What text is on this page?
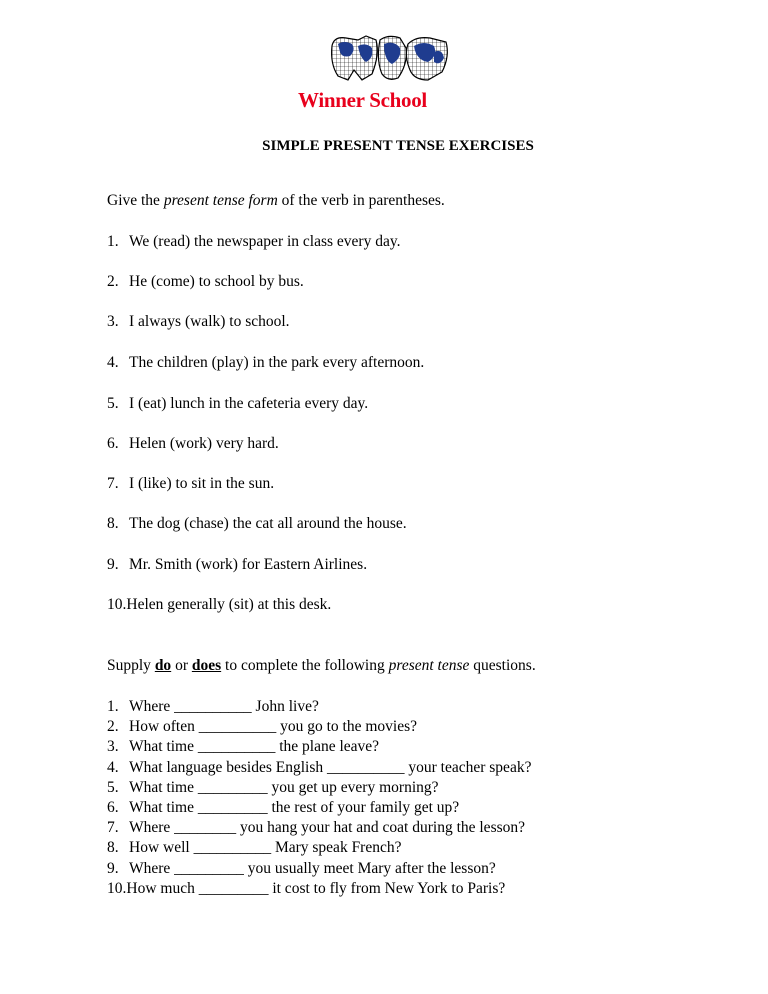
Winner School
SIMPLE PRESENT TENSE EXERCISES
Give the present tense form of the verb in parentheses.
1. We (read) the newspaper in class every day.
2. He (come) to school by bus.
3. I always (walk) to school.
4. The children (play) in the park every afternoon.
5. I (eat) lunch in the cafeteria every day.
6. Helen (work) very hard.
7. I (like) to sit in the sun.
8. The dog (chase) the cat all around the house.
9. Mr. Smith (work) for Eastern Airlines.
10.Helen generally (sit) at this desk.
Supply do or does to complete the following present tense questions.
1. Where __________ John live?
2. How often __________ you go to the movies?
3. What time __________ the plane leave?
4. What language besides English __________ your teacher speak?
5. What time _________ you get up every morning?
6. What time _________ the rest of your family get up?
7. Where ________ you hang your hat and coat during the lesson?
8. How well __________ Mary speak French?
9. Where _________ you usually meet Mary after the lesson?
10.How much _________ it cost to fly from New York to Paris?
